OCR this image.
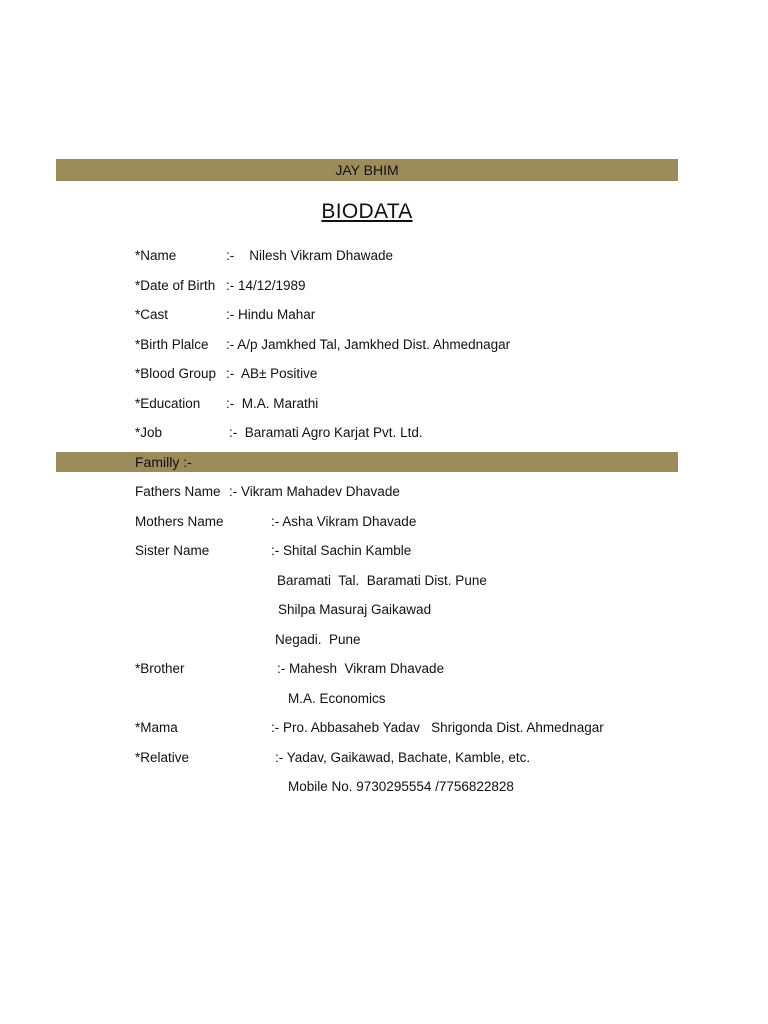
JAY BHIM
BIODATA
*Name	:-    Nilesh Vikram Dhawade
*Date of Birth :- 14/12/1989
*Cast	:- Hindu Mahar
*Birth Plalce :- A/p Jamkhed Tal, Jamkhed Dist. Ahmednagar
*Blood Group :-  AB± Positive
*Education :-  M.A. Marathi
*Job	:-  Baramati Agro Karjat Pvt. Ltd.
Familly :-
Fathers Name :- Vikram Mahadev Dhavade
Mothers Name	:- Asha Vikram Dhavade
Sister Name	:- Shital Sachin Kamble
Baramati  Tal.  Baramati Dist. Pune
Shilpa Masuraj Gaikawad
Negadi.  Pune
*Brother	:- Mahesh  Vikram Dhavade
M.A. Economics
*Mama	:- Pro. Abbasaheb Yadav   Shrigonda Dist. Ahmednagar
*Relative	:- Yadav, Gaikawad, Bachate, Kamble, etc.
Mobile No. 9730295554 /7756822828
